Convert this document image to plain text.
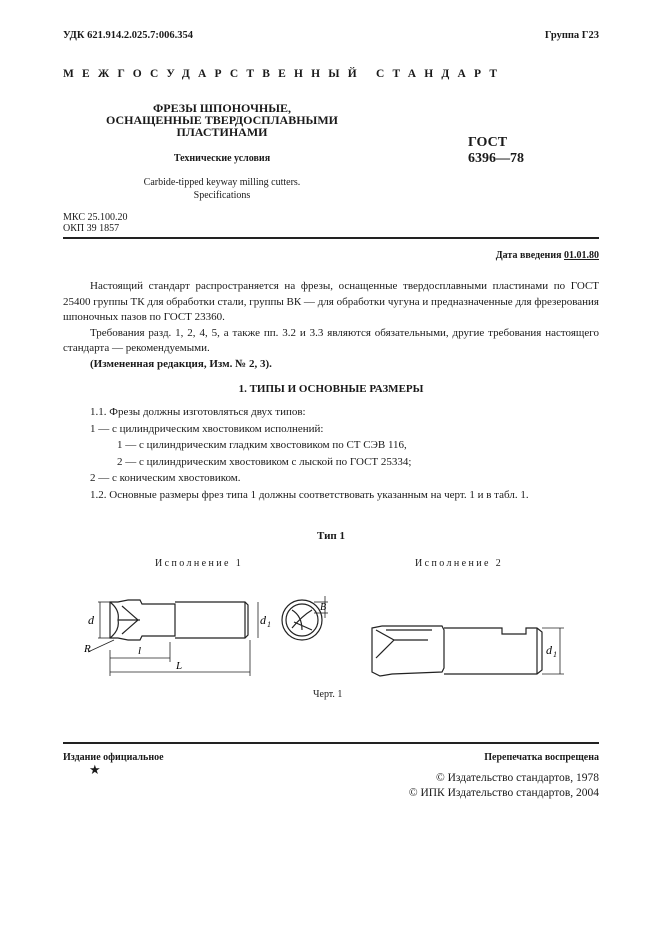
УДК 621.914.2.025.7:006.354	Группа Г23
МЕЖГОСУДАРСТВЕННЫЙ СТАНДАРТ
ФРЕЗЫ ШПОНОЧНЫЕ,
ОСНАЩЕННЫЕ ТВЕРДОСПЛАВНЫМИ
ПЛАСТИНАМИ
Технические условия
Carbide-tipped keyway milling cutters.
Specifications
ГОСТ
6396—78
МКС 25.100.20
ОКП 39 1857
Дата введения 01.01.80

Настоящий стандарт распространяется на фрезы, оснащенные твердосплавными пластинами по ГОСТ 25400 группы ТК для обработки стали, группы ВК — для обработки чугуна и предназначенные для фрезерования шпоночных пазов по ГОСТ 23360.

Требования разд. 1, 2, 4, 5, а также пп. 3.2 и 3.3 являются обязательными, другие требования настоящего стандарта — рекомендуемыми.

(Измененная редакция, Изм. № 2, 3).

1. ТИПЫ И ОСНОВНЫЕ РАЗМЕРЫ

1.1. Фрезы должны изготовляться двух типов:

1 — с цилиндрическим хвостовиком исполнений:

1 — с цилиндрическим гладким хвостовиком по СТ СЭВ 116,

2 — с цилиндрическим хвостовиком с лыской по ГОСТ 25334;

2 — с коническим хвостовиком.

1.2. Основные размеры фрез типа 1 должны соответствовать указанным на черт. 1 и в табл. 1.

Тип 1
Исполнение 1	Исполнение 2
d
R	l
L
d 1
B
d 1
Черт. 1
Издание официальное	Перепечатка воспрещена
★	© Издательство стандартов, 1978
© ИПК Издательство стандартов, 2004
